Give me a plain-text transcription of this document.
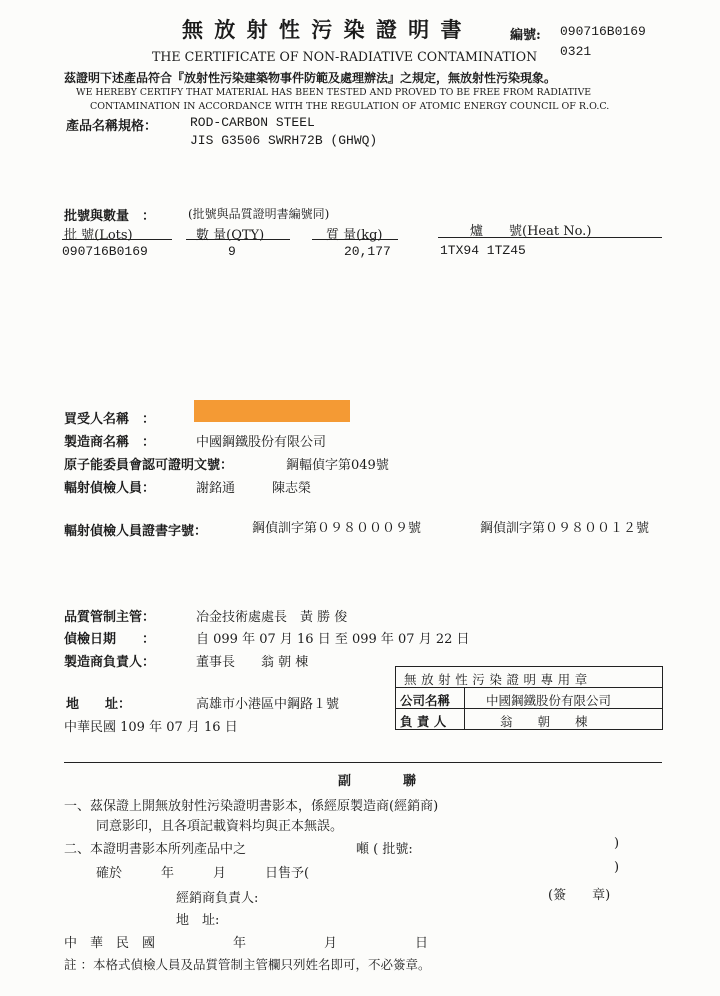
無 放 射 性 污 染 證 明 書	編號: 090716B0169
0321
THE CERTIFICATE OF NON-RADIATIVE CONTAMINATION
茲證明下述產品符合『放射性污染建築物事件防範及處理辦法』之規定，無放射性污染現象。
WE HEREBY CERTIFY THAT MATERIAL HAS BEEN TESTED AND PROVED TO BE FREE FROM RADIATIVE
CONTAMINATION IN ACCORDANCE WITH THE REGULATION OF ATOMIC ENERGY COUNCIL OF R.O.C.
產品名稱規格：	ROD-CARBON STEEL
JIS G3506 SWRH72B (GHWQ)
批號與數量　：	(批號與品質證明書編號同)
批 號(Lots)	數 量(QTY)	質 量(kg)	爐　　號(Heat No.)
090716B0169	9	20,177	1TX94 1TZ45
買受人名稱　：
製造商名稱　：	中國鋼鐵股份有限公司
原子能委員會認可證明文號：	鋼輻偵字第049號
輻射偵檢人員：	謝銘通	陳志榮
輻射偵檢人員證書字號：	鋼偵訓字第０９８０００９號	鋼偵訓字第０９８００１２號
品質管制主管：	冶金技術處處長　黃 勝 俊
偵檢日期　　：	自 099 年 07 月 16 日 至 099 年 07 月 22 日
製造商負責人：	董事長　　翁 朝 棟
地　　址：	高雄市小港區中鋼路１號
中華民國 109 年 07 月 16 日
無 放 射 性 污 染 證 明 專 用 章
公司名稱	中國鋼鐵股份有限公司
負 責 人	翁　　朝　　棟
副　　　　聯
一、茲保證上開無放射性污染證明書影本，係經原製造商(經銷商)
同意影印，且各項記載資料均與正本無誤。
二、本證明書影本所列產品中之	噸 ( 批號:	)
確於　　　年　　　月　　　日售予(	)
經銷商負責人:	(簽　　章)
地　址:
中　華　民　國　　　　　　年　　　　　　月　　　　　　日
註 ：本格式偵檢人員及品質管制主管欄只列姓名即可，不必簽章。
